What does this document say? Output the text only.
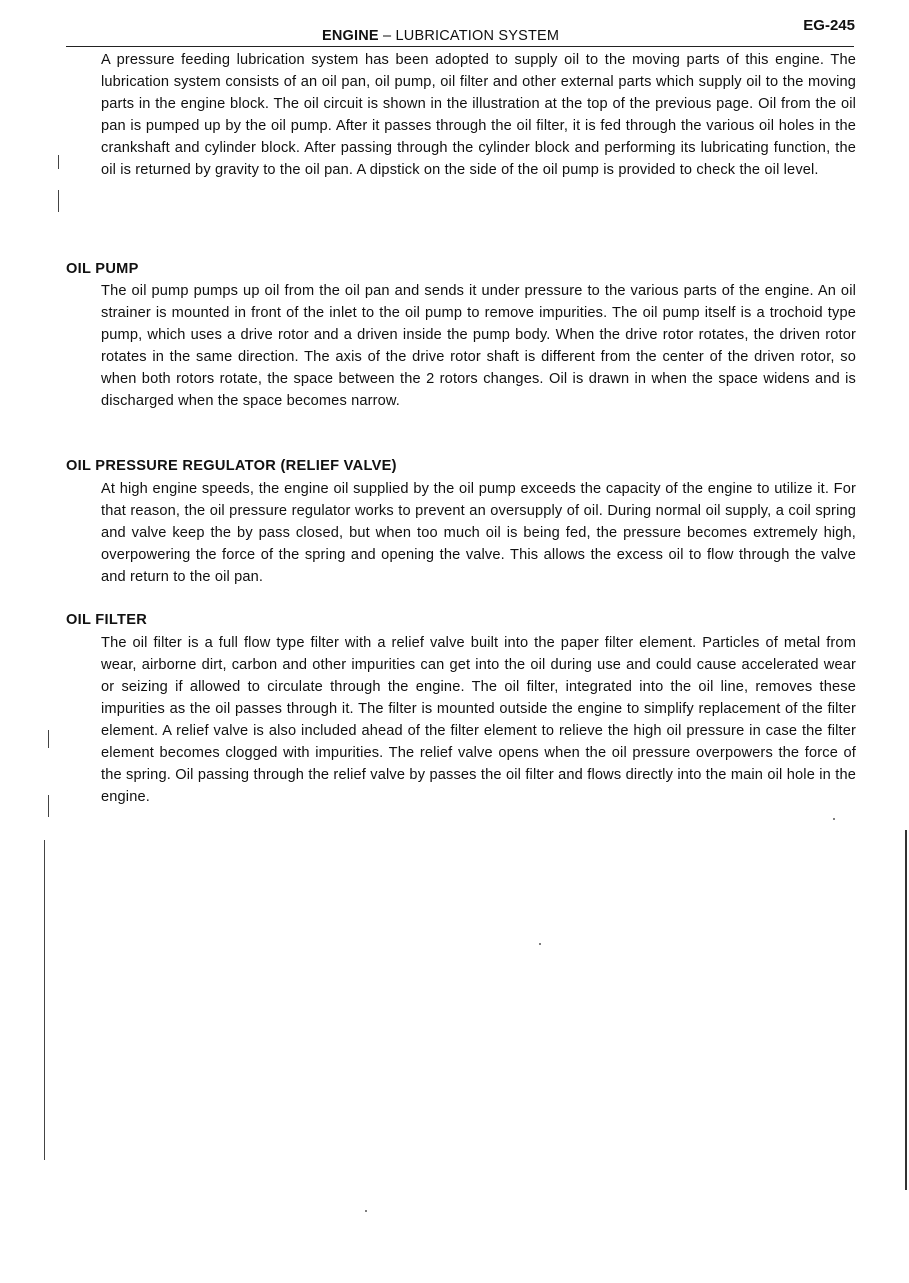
ENGINE – LUBRICATION SYSTEM
EG-245

A pressure feeding lubrication system has been adopted to supply oil to the moving parts of this engine. The lubrication system consists of an oil pan, oil pump, oil filter and other external parts which supply oil to the moving parts in the engine block. The oil circuit is shown in the illustration at the top of the previous page. Oil from the oil pan is pumped up by the oil pump. After it passes through the oil filter, it is fed through the various oil holes in the crankshaft and cylinder block. After passing through the cylinder block and performing its lubricating function, the oil is returned by gravity to the oil pan. A dipstick on the side of the oil pump is provided to check the oil level.

OIL PUMP

The oil pump pumps up oil from the oil pan and sends it under pressure to the various parts of the engine. An oil strainer is mounted in front of the inlet to the oil pump to remove impurities. The oil pump itself is a trochoid type pump, which uses a drive rotor and a driven inside the pump body. When the drive rotor rotates, the driven rotor rotates in the same direction. The axis of the drive rotor shaft is different from the center of the driven rotor, so when both rotors rotate, the space between the 2 rotors changes. Oil is drawn in when the space widens and is discharged when the space becomes narrow.

OIL PRESSURE REGULATOR (RELIEF VALVE)

At high engine speeds, the engine oil supplied by the oil pump exceeds the capacity of the engine to utilize it. For that reason, the oil pressure regulator works to prevent an oversupply of oil. During normal oil supply, a coil spring and valve keep the by pass closed, but when too much oil is being fed, the pressure becomes extremely high, overpowering the force of the spring and opening the valve. This allows the excess oil to flow through the valve and return to the oil pan.

OIL FILTER

The oil filter is a full flow type filter with a relief valve built into the paper filter element. Particles of metal from wear, airborne dirt, carbon and other impurities can get into the oil during use and could cause accelerated wear or seizing if allowed to circulate through the engine. The oil filter, integrated into the oil line, removes these impurities as the oil passes through it. The filter is mounted outside the engine to simplify replacement of the filter element. A relief valve is also included ahead of the filter element to relieve the high oil pressure in case the filter element becomes clogged with impurities. The relief valve opens when the oil pressure overpowers the force of the spring. Oil passing through the relief valve by passes the oil filter and flows directly into the main oil hole in the engine.
